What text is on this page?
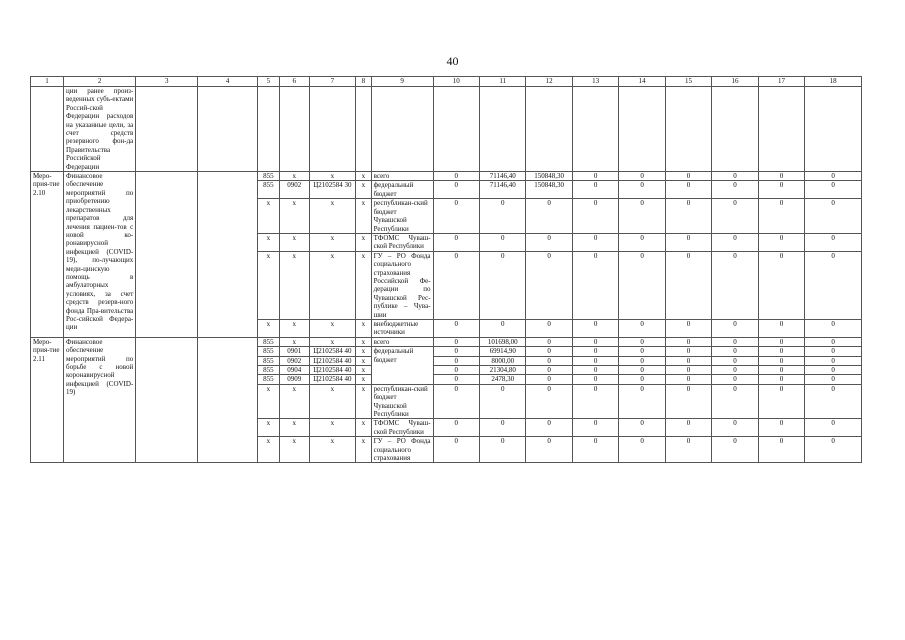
40
1	2	3	4	5	6	7	8	9	10	11	12	13	14	15	16	17	18
	ции ранее произ-веденных субъ-ектами Россий-ской Федерации расходов на указанные цели, за счет средств резервного фон-да Правительства Российской Федерации																
Меро-прия-тие 2.10	Финансовое обеспечение мероприятий по приобретению лекарственных препаратов для лечения пациен-тов с новой ко-ронавирусной инфекцией (COVID-19), по-лучающих меди-цинскую помощь в амбулаторных условиях, за счет средств резерв-ного фонда Пра-вительства Рос-сийской Федера-ции			855	x	x	x	всего	0	71146,40	150848,30	0	0	0	0	0	0
				855	0902	Ц2102584 30	x	федеральный бюджет	0	71146,40	150848,30	0	0	0	0	0	0
				x	x	x	x	республикан-ский бюджет Чувашской Республики	0	0	0	0	0	0	0	0	0
				x	x	x	x	ТФОМС Чуваш-ской Республики	0	0	0	0	0	0	0	0	0
				x	x	x	x	ГУ – РО Фонда социального страхования Российской Фе-дерации по Чувашской Рес-публике – Чува-шии	0	0	0	0	0	0	0	0	0
				x	x	x	x	внебюджетные источники	0	0	0	0	0	0	0	0	0
Меро-прия-тие 2.11	Финансовое обеспечение мероприятий по борьбе с новой коронавирусной инфекцией (COVID-19)			855	x	x	x	всего	0	101698,00	0	0	0	0	0	0	0
				855	0901	Ц2102584 40	x	федеральный бюджет	0	69914,90	0	0	0	0	0	0	0
				855	0902	Ц2102584 40	x		0	8000,00	0	0	0	0	0	0	0
				855	0904	Ц2102584 40	x		0	21304,80	0	0	0	0	0	0	0
				855	0909	Ц2102584 40	x		0	2478,30	0	0	0	0	0	0	0
				x	x	x	x	республикан-ский бюджет Чувашской Республики	0	0	0	0	0	0	0	0	0
				x	x	x	x	ТФОМС Чуваш-ской Республики	0	0	0	0	0	0	0	0	0
				x	x	x	x	ГУ – РО Фонда социального страхования	0	0	0	0	0	0	0	0	0
